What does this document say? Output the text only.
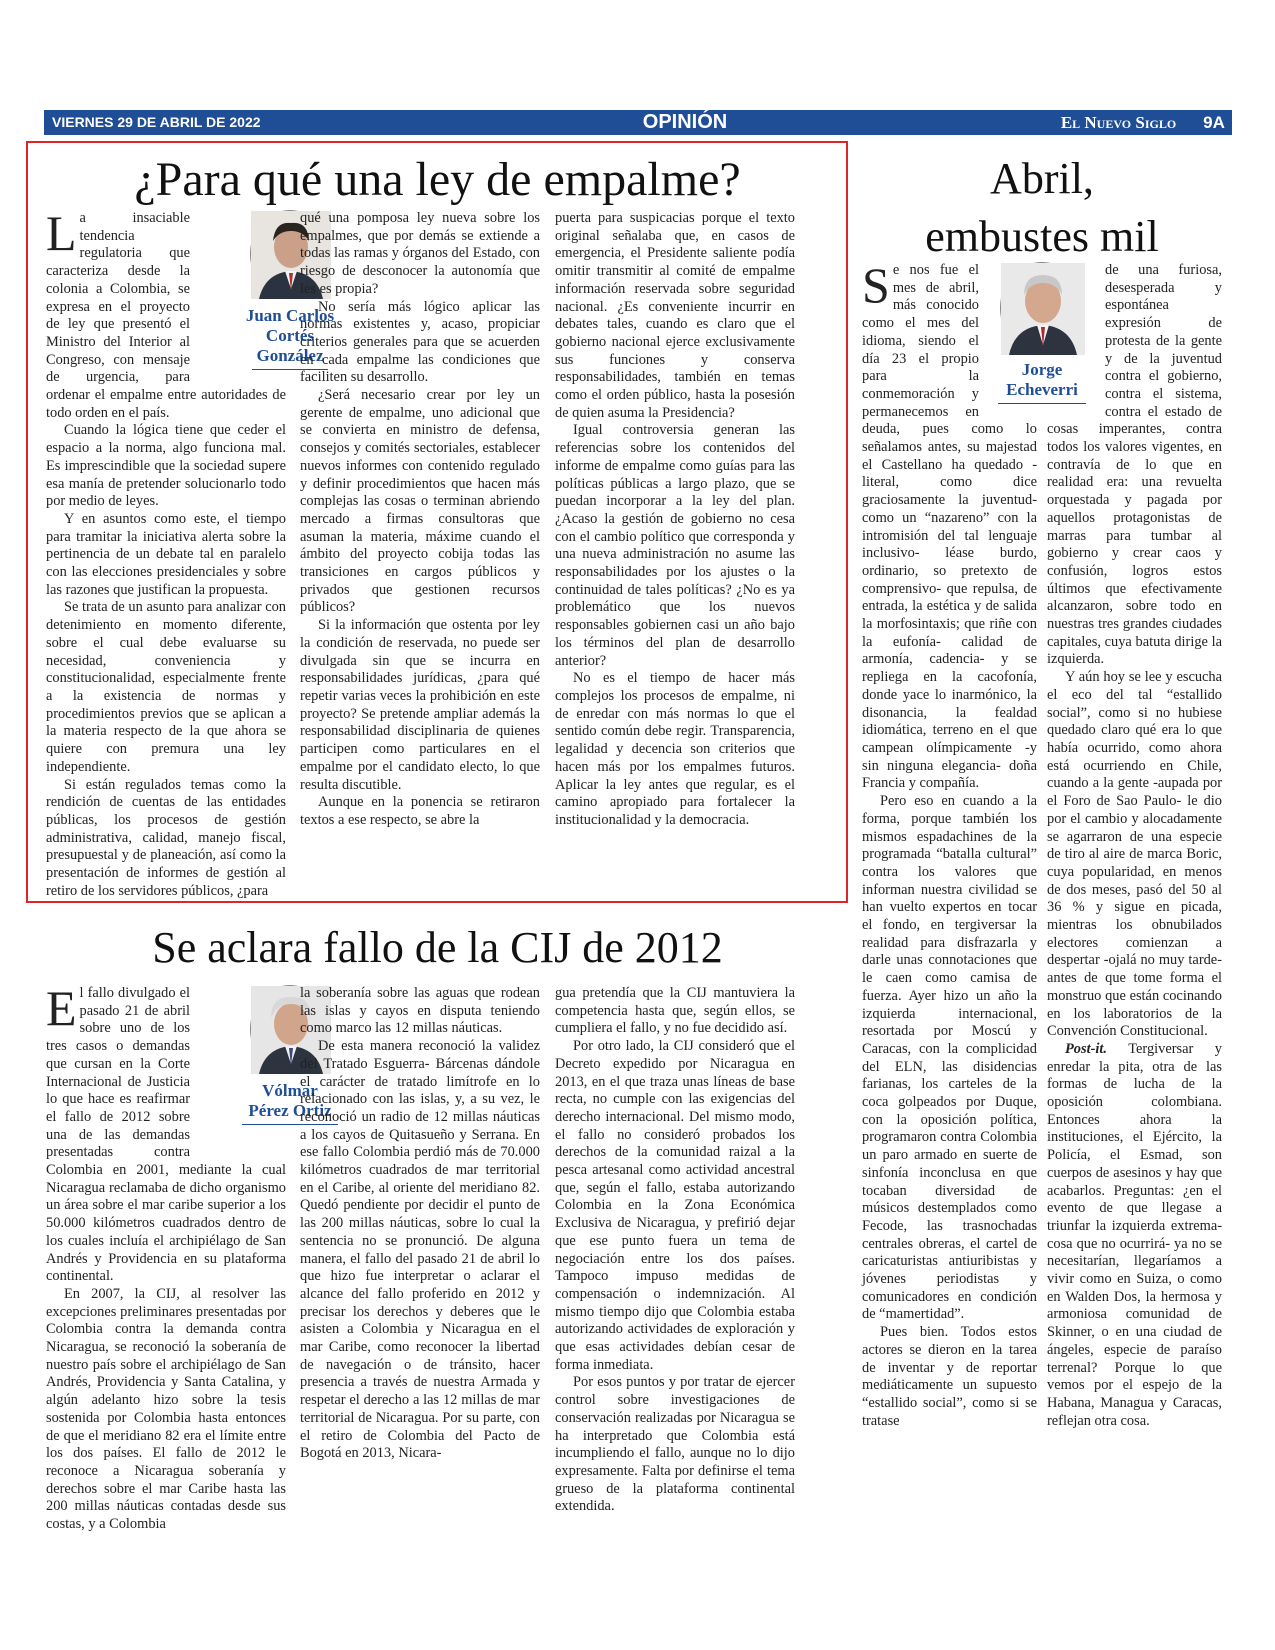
VIERNES 29 DE ABRIL DE 2022	OPINIÓN	El Nuevo Siglo	9A
¿Para qué una ley de empalme?

La insaciable tendencia regulatoria que caracteriza desde la colonia a Colombia, se expresa en el proyecto de ley que presentó el Ministro del Interior al Congreso, con mensaje de urgencia, para ordenar el empalme entre autoridades de todo orden en el país.

Cuando la lógica tiene que ceder el espacio a la norma, algo funciona mal. Es imprescindible que la sociedad supere esa manía de pretender solucionarlo todo por medio de leyes.

Y en asuntos como este, el tiempo para tramitar la iniciativa alerta sobre la pertinencia de un debate tal en paralelo con las elecciones presidenciales y sobre las razones que justifican la propuesta.

Se trata de un asunto para analizar con detenimiento en momento diferente, sobre el cual debe evaluarse su necesidad, conveniencia y constitucionalidad, especialmente frente a la existencia de normas y procedimientos previos que se aplican a la materia respecto de la que ahora se quiere con premura una ley independiente.

Si están regulados temas como la rendición de cuentas de las entidades públicas, los procesos de gestión administrativa, calidad, manejo fiscal, presupuestal y de planeación, así como la presentación de informes de gestión al retiro de los servidores públicos, ¿para

Juan Carlos
Cortés
González

qué una pomposa ley nueva sobre los empalmes, que por demás se extiende a todas las ramas y órganos del Estado, con riesgo de desconocer la autonomía que les es propia?

No sería más lógico aplicar las normas existentes y, acaso, propiciar criterios generales para que se acuerden en cada empalme las condiciones que faciliten su desarrollo.

¿Será necesario crear por ley un gerente de empalme, uno adicional que se convierta en ministro de defensa, consejos y comités sectoriales, establecer nuevos informes con contenido regulado y definir procedimientos que hacen más complejas las cosas o terminan abriendo mercado a firmas consultoras que asuman la materia, máxime cuando el ámbito del proyecto cobija todas las transiciones en cargos públicos y privados que gestionen recursos públicos?

Si la información que ostenta por ley la condición de reservada, no puede ser divulgada sin que se incurra en responsabilidades jurídicas, ¿para qué repetir varias veces la prohibición en este proyecto? Se pretende ampliar además la responsabilidad disciplinaria de quienes participen como particulares en el empalme por el candidato electo, lo que resulta discutible.

Aunque en la ponencia se retiraron textos a ese respecto, se abre la

puerta para suspicacias porque el texto original señalaba que, en casos de emergencia, el Presidente saliente podía omitir transmitir al comité de empalme información reservada sobre seguridad nacional. ¿Es conveniente incurrir en debates tales, cuando es claro que el gobierno nacional ejerce exclusivamente sus funciones y conserva responsabilidades, también en temas como el orden público, hasta la posesión de quien asuma la Presidencia?

Igual controversia generan las referencias sobre los contenidos del informe de empalme como guías para las políticas públicas a largo plazo, que se puedan incorporar a la ley del plan. ¿Acaso la gestión de gobierno no cesa con el cambio político que corresponda y una nueva administración no asume las responsabilidades por los ajustes o la continuidad de tales políticas? ¿No es ya problemático que los nuevos responsables gobiernen casi un año bajo los términos del plan de desarrollo anterior?

No es el tiempo de hacer más complejos los procesos de empalme, ni de enredar con más normas lo que el sentido común debe regir. Transparencia, legalidad y decencia son criterios que hacen más por los empalmes futuros. Aplicar la ley antes que regular, es el camino apropiado para fortalecer la institucionalidad y la democracia.

Se aclara fallo de la CIJ de 2012

El fallo divulgado el pasado 21 de abril sobre uno de los tres casos o demandas que cursan en la Corte Internacional de Justicia lo que hace es reafirmar el fallo de 2012 sobre una de las demandas presentadas contra Colombia en 2001, mediante la cual Nicaragua reclamaba de dicho organismo un área sobre el mar caribe superior a los 50.000 kilómetros cuadrados dentro de los cuales incluía el archipiélago de San Andrés y Providencia en su plataforma continental.

En 2007, la CIJ, al resolver las excepciones preliminares presentadas por Colombia contra la demanda contra Nicaragua, se reconoció la soberanía de nuestro país sobre el archipiélago de San Andrés, Providencia y Santa Catalina, y algún adelanto hizo sobre la tesis sostenida por Colombia hasta entonces de que el meridiano 82 era el límite entre los dos países. El fallo de 2012 le reconoce a Nicaragua soberanía y derechos sobre el mar Caribe hasta las 200 millas náuticas contadas desde sus costas, y a Colombia

Vólmar
Pérez Ortiz

la soberanía sobre las aguas que rodean las islas y cayos en disputa teniendo como marco las 12 millas náuticas.

De esta manera reconoció la validez del Tratado Esguerra- Bárcenas dándole el carácter de tratado limítrofe en lo relacionado con las islas, y, a su vez, le reconoció un radio de 12 millas náuticas a los cayos de Quitasueño y Serrana. En ese fallo Colombia perdió más de 70.000 kilómetros cuadrados de mar territorial en el Caribe, al oriente del meridiano 82. Quedó pendiente por decidir el punto de las 200 millas náuticas, sobre lo cual la sentencia no se pronunció. De alguna manera, el fallo del pasado 21 de abril lo que hizo fue interpretar o aclarar el alcance del fallo proferido en 2012 y precisar los derechos y deberes que le asisten a Colombia y Nicaragua en el mar Caribe, como reconocer la libertad de navegación o de tránsito, hacer presencia a través de nuestra Armada y respetar el derecho a las 12 millas de mar territorial de Nicaragua. Por su parte, con el retiro de Colombia del Pacto de Bogotá en 2013, Nicara-

gua pretendía que la CIJ mantuviera la competencia hasta que, según ellos, se cumpliera el fallo, y no fue decidido así.

Por otro lado, la CIJ consideró que el Decreto expedido por Nicaragua en 2013, en el que traza unas líneas de base recta, no cumple con las exigencias del derecho internacional. Del mismo modo, el fallo no consideró probados los derechos de la comunidad raizal a la pesca artesanal como actividad ancestral que, según el fallo, estaba autorizando Colombia en la Zona Económica Exclusiva de Nicaragua, y prefirió dejar que ese punto fuera un tema de negociación entre los dos países. Tampoco impuso medidas de compensación o indemnización. Al mismo tiempo dijo que Colombia estaba autorizando actividades de exploración y que esas actividades debían cesar de forma inmediata.

Por esos puntos y por tratar de ejercer control sobre investigaciones de conservación realizadas por Nicaragua se ha interpretado que Colombia está incumpliendo el fallo, aunque no lo dijo expresamente. Falta por definirse el tema grueso de la plataforma continental extendida.

Abril,
embustes mil

Se nos fue el mes de abril, más conocido como el mes del idioma, siendo el día 23 el propio para la conmemoración y permanecemos en deuda, pues como lo señalamos antes, su majestad el Castellano ha quedado -literal, como dice graciosamente la juventud- como un “nazareno” con la intromisión del tal lenguaje inclusivo- léase burdo, ordinario, so pretexto de comprensivo- que repulsa, de entrada, la estética y de salida la morfosintaxis; que riñe con la eufonía- calidad de armonía, cadencia- y se repliega en la cacofonía, donde yace lo inarmónico, la disonancia, la fealdad idiomática, terreno en el que campean olímpicamente -y sin ninguna elegancia- doña Francia y compañía.

Pero eso en cuando a la forma, porque también los mismos espadachines de la programada “batalla cultural” contra los valores que informan nuestra civilidad se han vuelto expertos en tocar el fondo, en tergiversar la realidad para disfrazarla y darle unas connotaciones que le caen como camisa de fuerza. Ayer hizo un año la izquierda internacional, resortada por Moscú y Caracas, con la complicidad del ELN, las disidencias farianas, los carteles de la coca golpeados por Duque, con la oposición política, programaron contra Colombia un paro armado en suerte de sinfonía inconclusa en que tocaban diversidad de músicos destemplados como Fecode, las trasnochadas centrales obreras, el cartel de caricaturistas antiuribistas y jóvenes periodistas y comunicadores en condición de “mamertidad”.

Pues bien. Todos estos actores se dieron en la tarea de inventar y de reportar mediáticamente un supuesto “estallido social”, como si se tratase

Jorge
Echeverri

de una furiosa, desesperada y espontánea expresión de protesta de la gente y de la juventud contra el gobierno, contra el sistema, contra el estado de cosas imperantes, contra todos los valores vigentes, en contravía de lo que en realidad era: una revuelta orquestada y pagada por aquellos protagonistas de marras para tumbar al gobierno y crear caos y confusión, logros estos últimos que efectivamente alcanzaron, sobre todo en nuestras tres grandes ciudades capitales, cuya batuta dirige la izquierda.

Y aún hoy se lee y escucha el eco del tal “estallido social”, como si no hubiese quedado claro qué era lo que había ocurrido, como ahora está ocurriendo en Chile, cuando a la gente -aupada por el Foro de Sao Paulo- le dio por el cambio y alocadamente se agarraron de una especie de tiro al aire de marca Boric, cuya popularidad, en menos de dos meses, pasó del 50 al 36 % y sigue en picada, mientras los obnubilados electores comienzan a despertar -ojalá no muy tarde- antes de que tome forma el monstruo que están cocinando en los laboratorios de la Convención Constitucional.

Post-it. Tergiversar y enredar la pita, otra de las formas de lucha de la oposición colombiana. Entonces ahora la instituciones, el Ejército, la Policía, el Esmad, son cuerpos de asesinos y hay que acabarlos. Preguntas: ¿en el evento de que llegase a triunfar la izquierda extrema- cosa que no ocurrirá- ya no se necesitarían, llegaríamos a vivir como en Suiza, o como en Walden Dos, la hermosa y armoniosa comunidad de Skinner, o en una ciudad de ángeles, especie de paraíso terrenal? Porque lo que vemos por el espejo de la Habana, Managua y Caracas, reflejan otra cosa.
